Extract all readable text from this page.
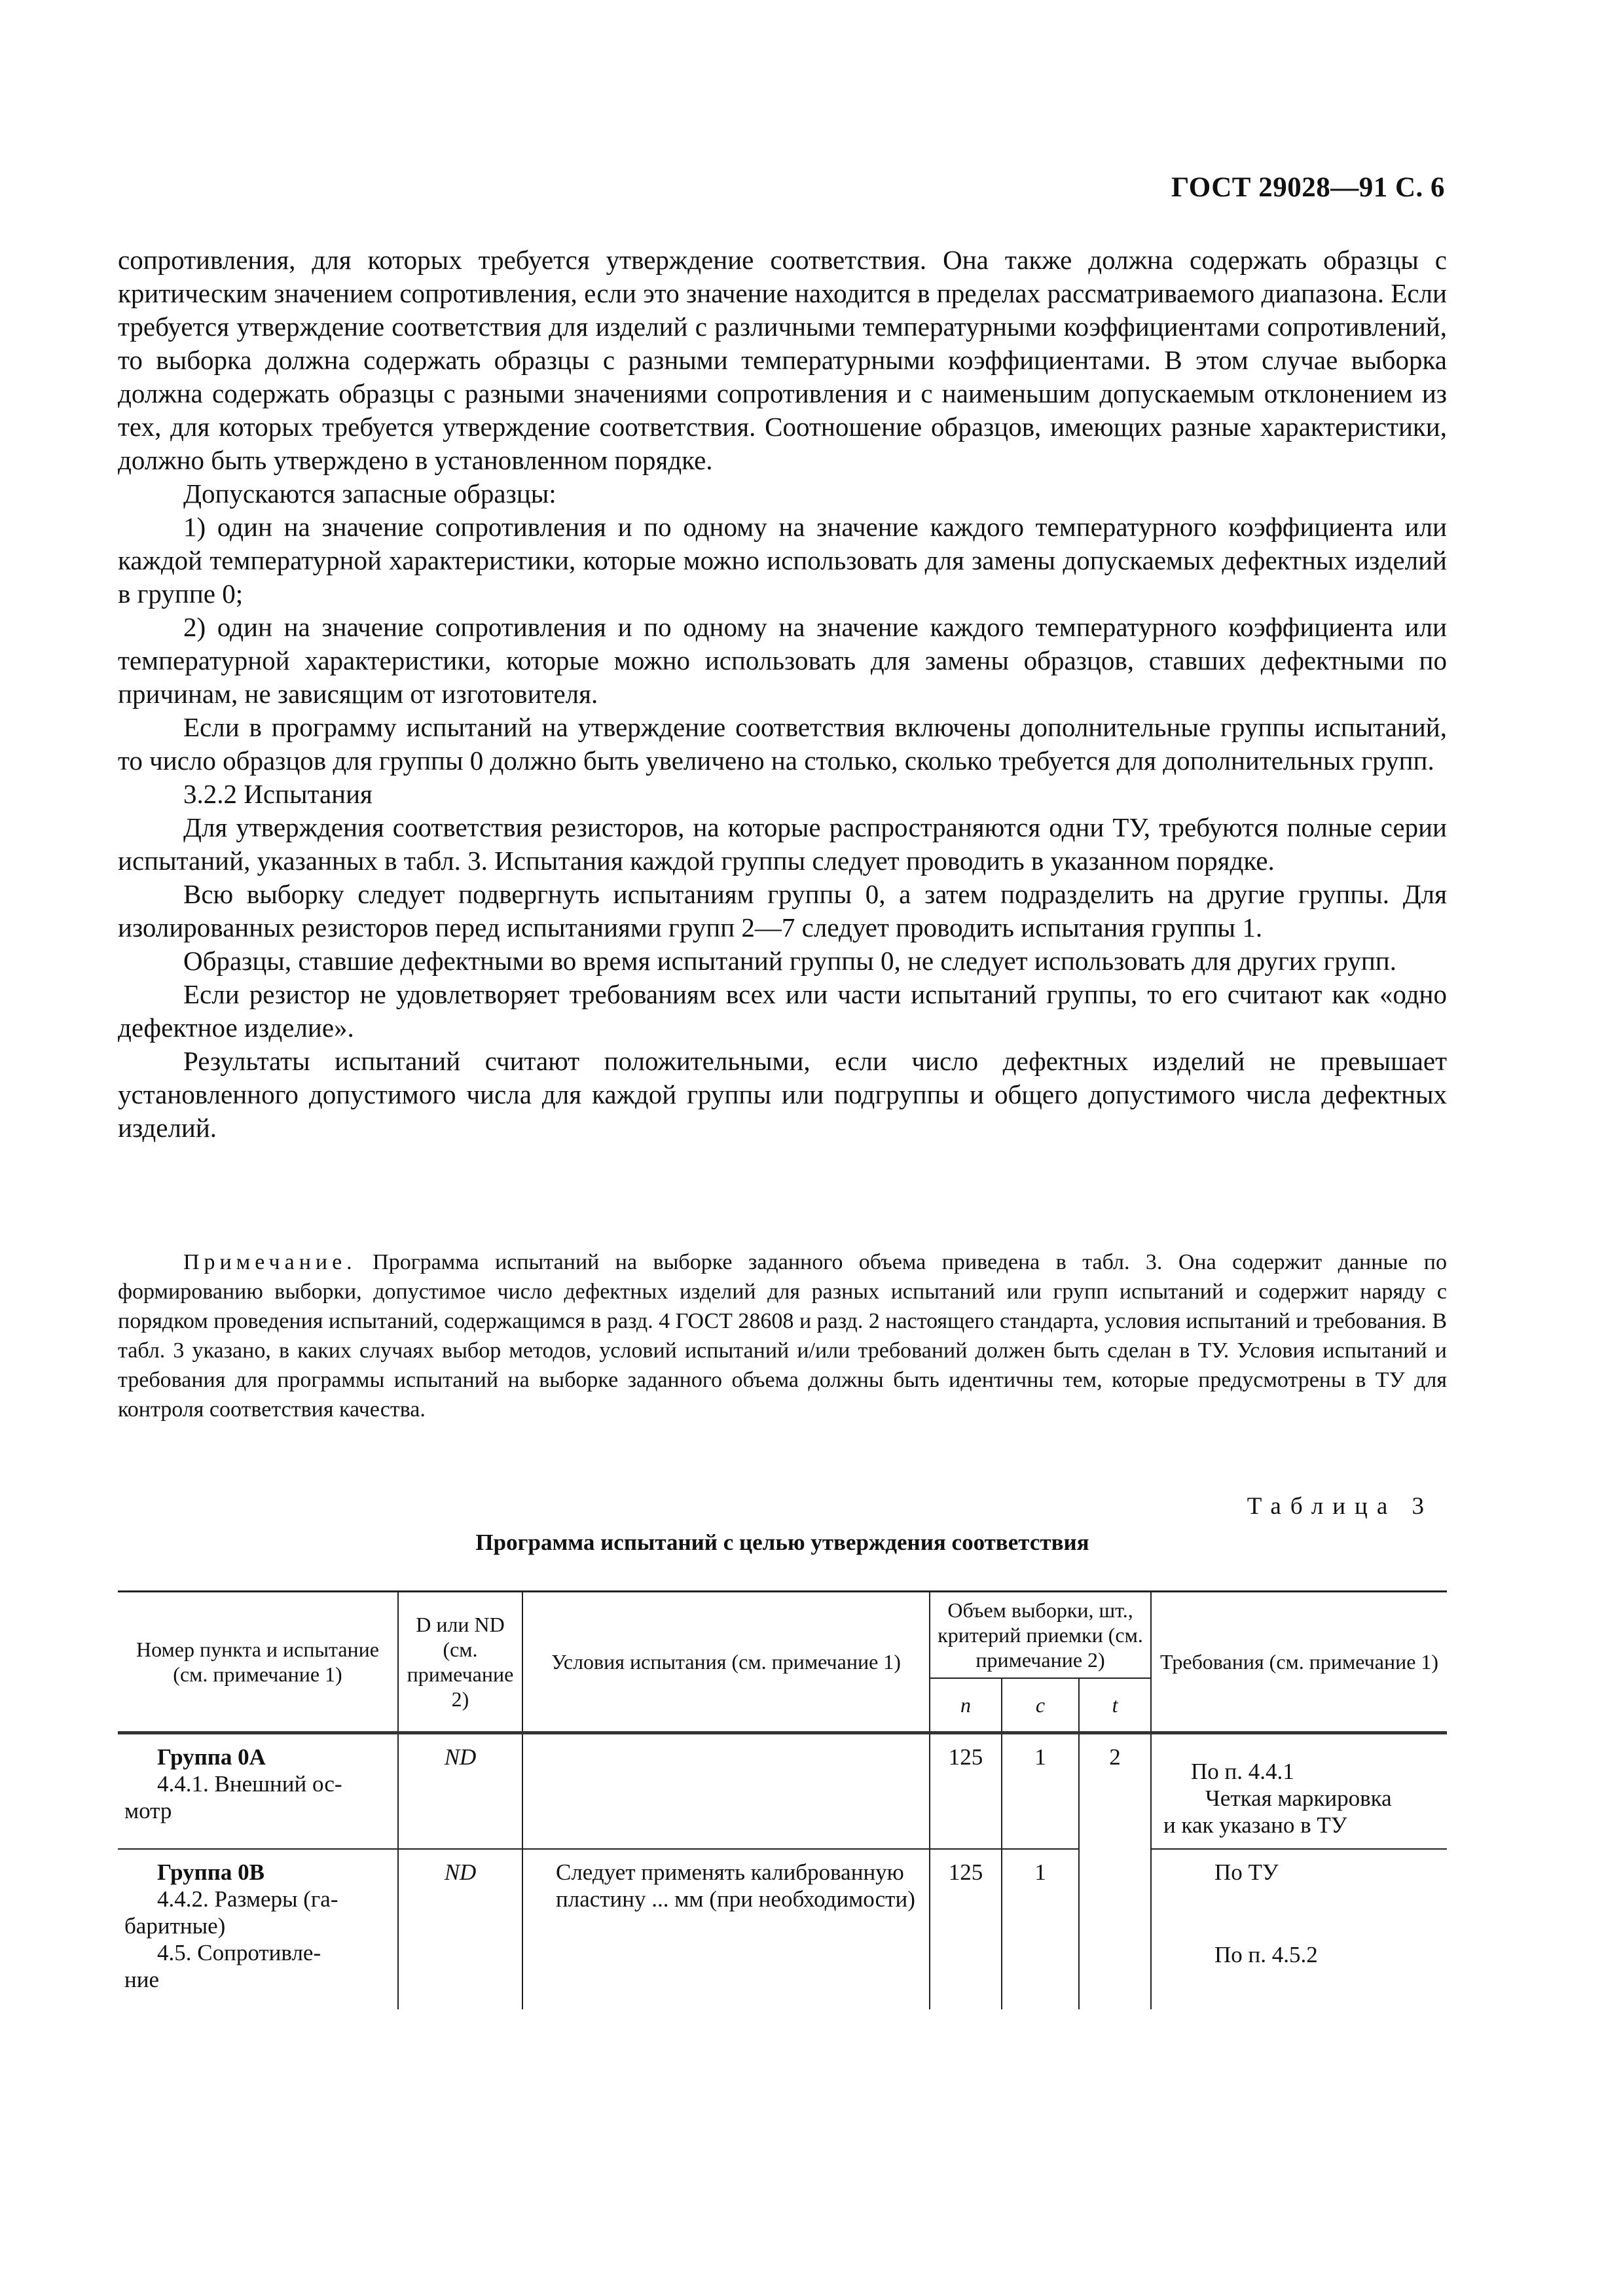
ГОСТ 29028—91 С. 6

сопротивления, для которых требуется утверждение соответствия. Она также должна содержать образцы с критическим значением сопротивления, если это значение находится в пределах рассматриваемого диапазона. Если требуется утверждение соответствия для изделий с различными температурными коэффициентами сопротивлений, то выборка должна содержать образцы с разными температурными коэффициентами. В этом случае выборка должна содержать образцы с разными значениями сопротивления и с наименьшим допускаемым отклонением из тех, для которых требуется утверждение соответствия. Соотношение образцов, имеющих разные характеристики, должно быть утверждено в установленном порядке.

Допускаются запасные образцы:

1) один на значение сопротивления и по одному на значение каждого температурного коэффициента или каждой температурной характеристики, которые можно использовать для замены допускаемых дефектных изделий в группе 0;

2) один на значение сопротивления и по одному на значение каждого температурного коэффициента или температурной характеристики, которые можно использовать для замены образцов, ставших дефектными по причинам, не зависящим от изготовителя.

Если в программу испытаний на утверждение соответствия включены дополнительные группы испытаний, то число образцов для группы 0 должно быть увеличено на столько, сколько требуется для дополнительных групп.

3.2.2 Испытания

Для утверждения соответствия резисторов, на которые распространяются одни ТУ, требуются полные серии испытаний, указанных в табл. 3. Испытания каждой группы следует проводить в указанном порядке.

Всю выборку следует подвергнуть испытаниям группы 0, а затем подразделить на другие группы. Для изолированных резисторов перед испытаниями групп 2—7 следует проводить испытания группы 1.

Образцы, ставшие дефектными во время испытаний группы 0, не следует использовать для других групп.

Если резистор не удовлетворяет требованиям всех или части испытаний группы, то его считают как «одно дефектное изделие».

Результаты испытаний считают положительными, если число дефектных изделий не превышает установленного допустимого числа для каждой группы или подгруппы и общего допустимого числа дефектных изделий.

Примечание. Программа испытаний на выборке заданного объема приведена в табл. 3. Она содержит данные по формированию выборки, допустимое число дефектных изделий для разных испытаний или групп испытаний и содержит наряду с порядком проведения испытаний, содержащимся в разд. 4 ГОСТ 28608 и разд. 2 настоящего стандарта, условия испытаний и требования. В табл. 3 указано, в каких случаях выбор методов, условий испытаний и/или требований должен быть сделан в ТУ. Условия испытаний и требования для программы испытаний на выборке заданного объема должны быть идентичны тем, которые предусмотрены в ТУ для контроля соответствия качества.
Таблица 3
Программа испытаний с целью утверждения соответствия
Номер пункта и испытание (см. примечание 1)	D или ND (см. примечание 2)	Условия испытания (см. примечание 1)	Объем выборки, шт., критерий приемки (см. примечание 2)			Требования (см. примечание 1)
			n	c	t	

Группа 0А
4.4.1. Внешний ос-
мотр	ND		125	1	2	По п. 4.4.1
Четкая маркировка
и как указано в ТУ

Группа 0В
4.4.2. Размеры (га-
баритные)
4.5. Сопротивле-
ние	ND	Следует применять калиброванную пластину ... мм (при необходимости)	125	1		По ТУ
По п. 4.5.2
